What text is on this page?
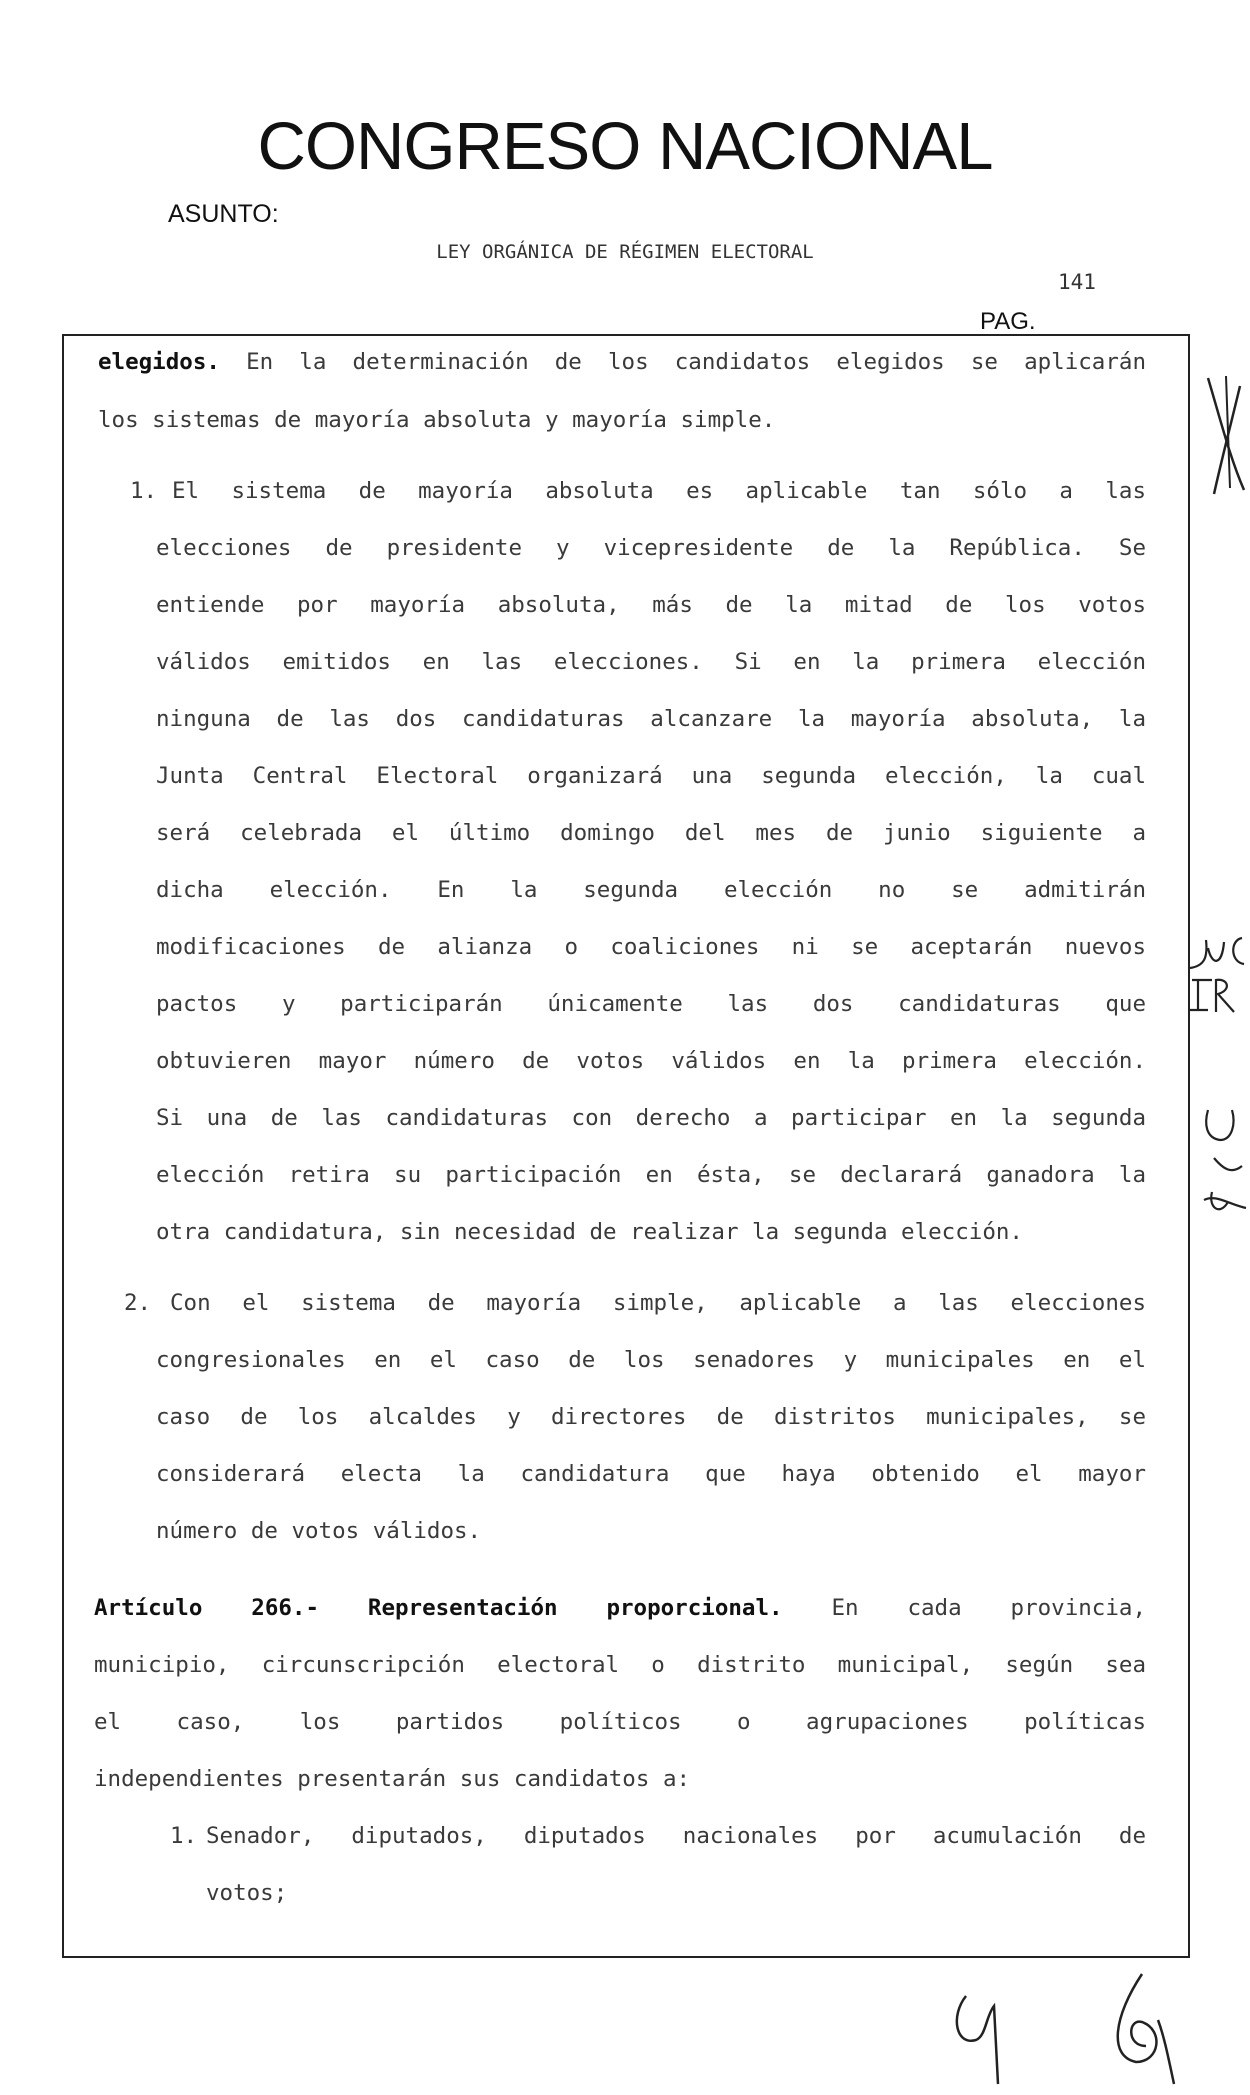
CONGRESO NACIONAL
ASUNTO:
LEY ORGÁNICA DE RÉGIMEN ELECTORAL
141
PAG.
elegidos. En la determinación de los candidatos elegidos se aplicarán
los sistemas de mayoría absoluta y mayoría simple.
1. El sistema de mayoría absoluta es aplicable tan sólo a las
elecciones de presidente y vicepresidente de la República. Se
entiende por mayoría absoluta, más de la mitad de los votos
válidos emitidos en las elecciones. Si en la primera elección
ninguna de las dos candidaturas alcanzare la mayoría absoluta, la
Junta Central Electoral organizará una segunda elección, la cual
será celebrada el último domingo del mes de junio siguiente a
dicha elección. En la segunda elección no se admitirán
modificaciones de alianza o coaliciones ni se aceptarán nuevos
pactos y participarán únicamente las dos candidaturas que
obtuvieren mayor número de votos válidos en la primera elección.
Si una de las candidaturas con derecho a participar en la segunda
elección retira su participación en ésta, se declarará ganadora la
otra candidatura, sin necesidad de realizar la segunda elección.
2. Con el sistema de mayoría simple, aplicable a las elecciones
congresionales en el caso de los senadores y municipales en el
caso de los alcaldes y directores de distritos municipales, se
considerará electa la candidatura que haya obtenido el mayor
número de votos válidos.
Artículo 266.- Representación proporcional. En cada provincia,
municipio, circunscripción electoral o distrito municipal, según sea
el caso, los partidos políticos o agrupaciones políticas
independientes presentarán sus candidatos a:
1. Senador, diputados, diputados nacionales por acumulación de
votos;
